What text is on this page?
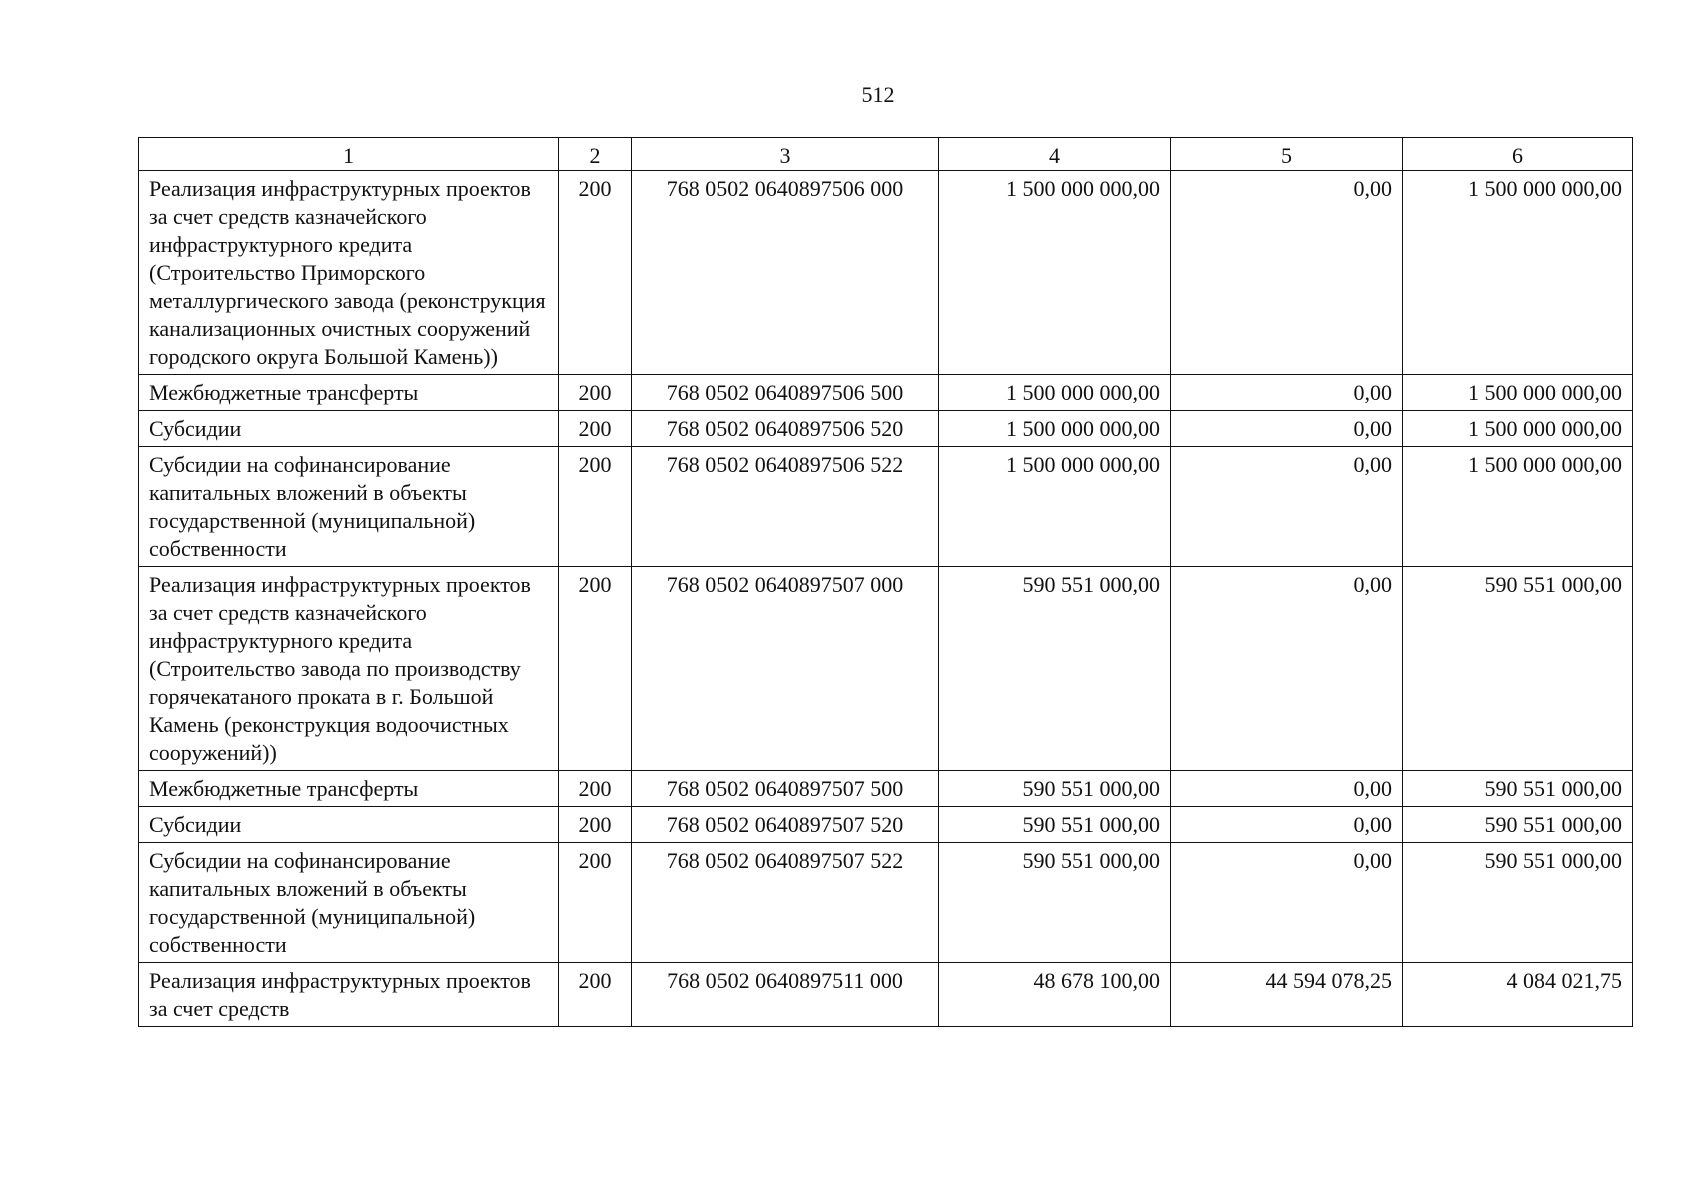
512
1	2	3	4	5	6
Реализация инфраструктурных проектов за счет средств казначейского инфраструктурного кредита (Строительство Приморского металлургического завода (реконструкция канализационных очистных сооружений городского округа Большой Камень))	200	768 0502 0640897506 000	1 500 000 000,00	0,00	1 500 000 000,00
Межбюджетные трансферты	200	768 0502 0640897506 500	1 500 000 000,00	0,00	1 500 000 000,00
Субсидии	200	768 0502 0640897506 520	1 500 000 000,00	0,00	1 500 000 000,00
Субсидии на софинансирование капитальных вложений в объекты государственной (муниципальной) собственности	200	768 0502 0640897506 522	1 500 000 000,00	0,00	1 500 000 000,00
Реализация инфраструктурных проектов за счет средств казначейского инфраструктурного кредита (Строительство завода по производству горячекатаного проката в г. Большой Камень (реконструкция водоочистных сооружений))	200	768 0502 0640897507 000	590 551 000,00	0,00	590 551 000,00
Межбюджетные трансферты	200	768 0502 0640897507 500	590 551 000,00	0,00	590 551 000,00
Субсидии	200	768 0502 0640897507 520	590 551 000,00	0,00	590 551 000,00
Субсидии на софинансирование капитальных вложений в объекты государственной (муниципальной) собственности	200	768 0502 0640897507 522	590 551 000,00	0,00	590 551 000,00
Реализация инфраструктурных проектов за счет средств	200	768 0502 0640897511 000	48 678 100,00	44 594 078,25	4 084 021,75
